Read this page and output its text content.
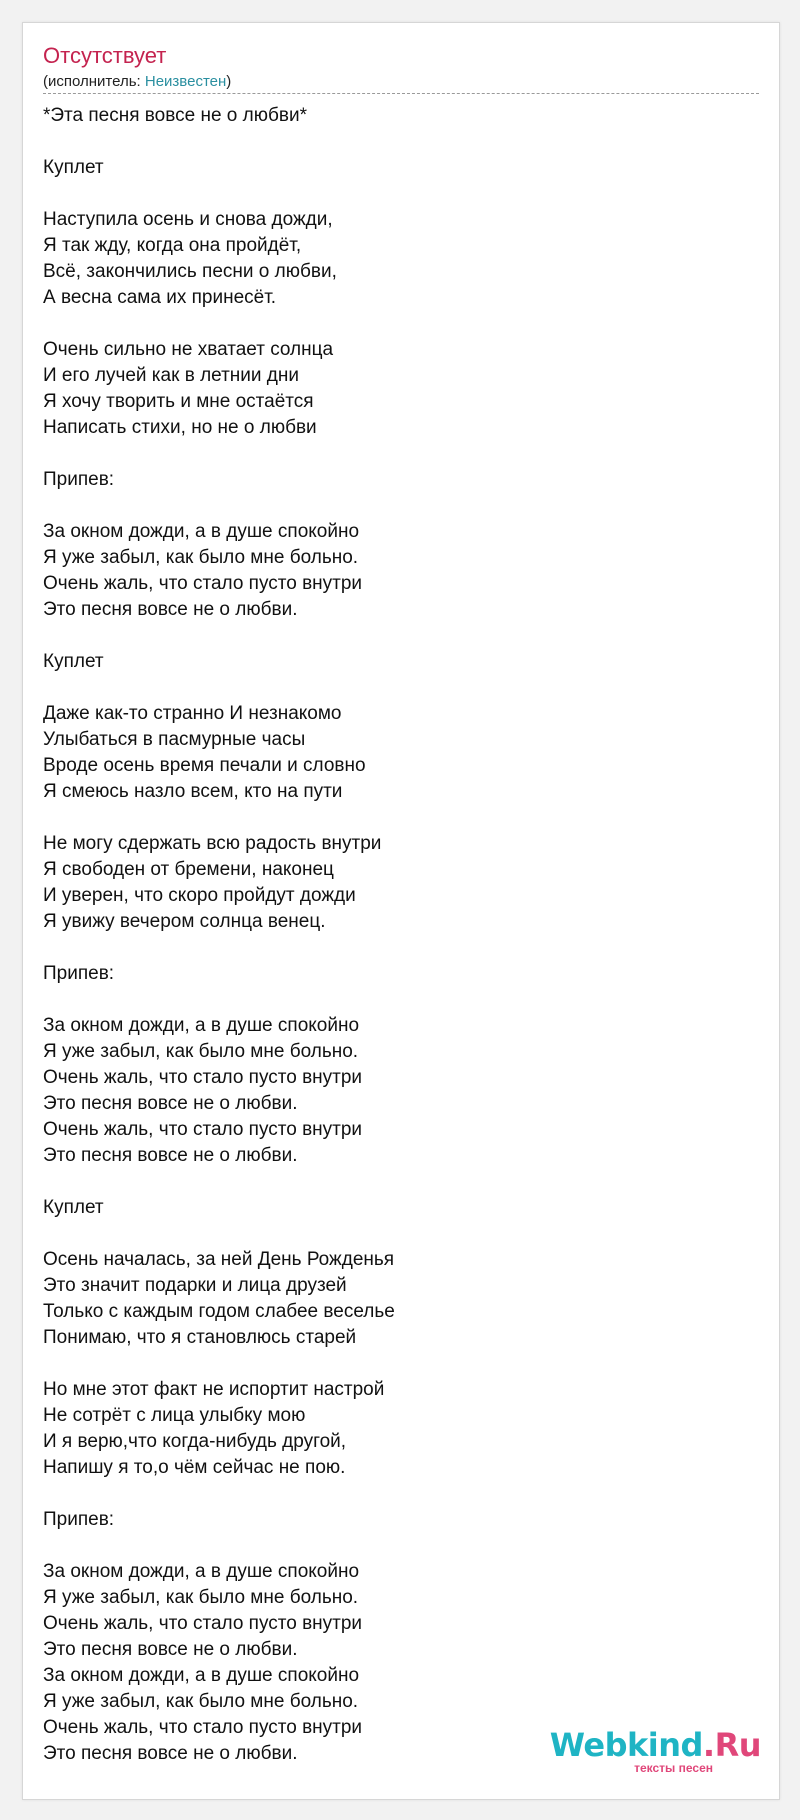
Отсутствует
(исполнитель: Неизвестен)
*Эта песня вовсе не о любви*
Куплет
Наступила осень и снова дожди,
Я так жду, когда она пройдёт,
Всё, закончились песни о любви,
А весна сама их принесёт.
Очень сильно не хватает солнца
И его лучей как в летнии дни
Я хочу творить и мне остаётся
Написать стихи, но не о любви
Припев:
За окном дожди, а в душе спокойно
Я уже забыл, как было мне больно.
Очень жаль, что стало пусто внутри
Это песня вовсе не о любви.
Куплет
Даже как-то странно И незнакомо
Улыбаться в пасмурные часы
Вроде осень время печали и словно
Я смеюсь назло всем, кто на пути
Не могу сдержать всю радость внутри
Я свободен от бремени, наконец
И уверен, что скоро пройдут дожди
Я увижу вечером солнца венец.
Припев:
За окном дожди, а в душе спокойно
Я уже забыл, как было мне больно.
Очень жаль, что стало пусто внутри
Это песня вовсе не о любви.
Очень жаль, что стало пусто внутри
Это песня вовсе не о любви.
Куплет
Осень началась, за ней День Рожденья
Это значит подарки и лица друзей
Только с каждым годом слабее веселье
Понимаю, что я становлюсь старей
Но мне этот факт не испортит настрой
Не сотрёт с лица улыбку мою
И я верю,что когда-нибудь другой,
Напишу я то,о чём сейчас не пою.
Припев:
За окном дожди, а в душе спокойно
Я уже забыл, как было мне больно.
Очень жаль, что стало пусто внутри
Это песня вовсе не о любви.
За окном дожди, а в душе спокойно
Я уже забыл, как было мне больно.
Очень жаль, что стало пусто внутри
Это песня вовсе не о любви.	Webkind.Ru
тексты песен
